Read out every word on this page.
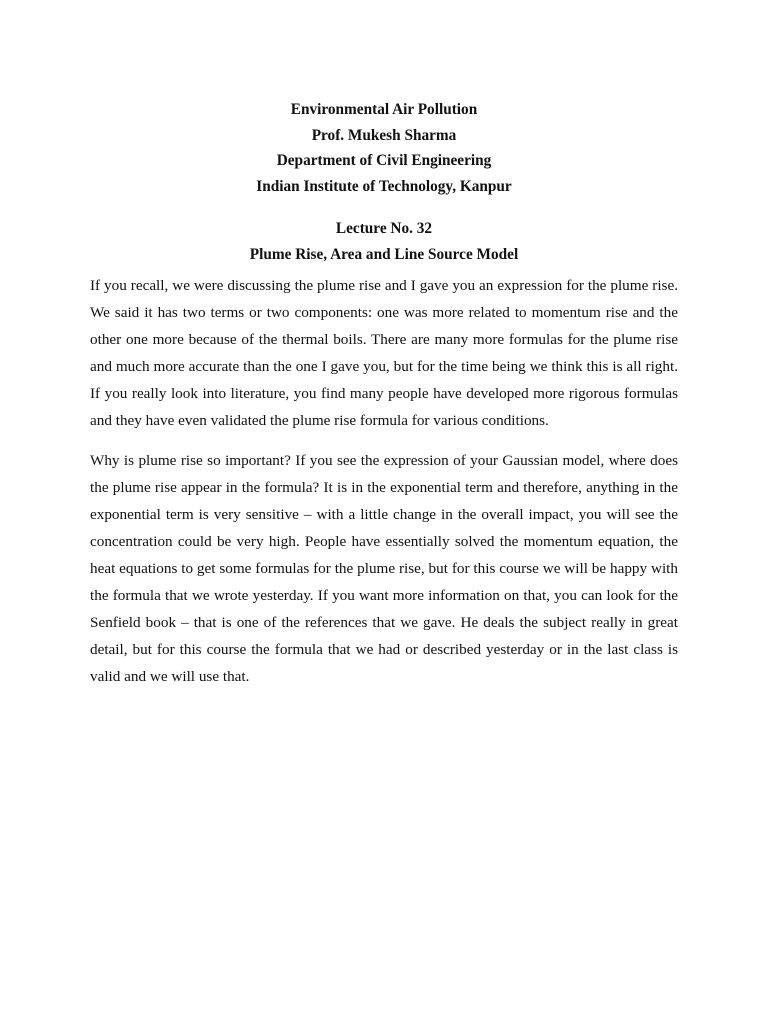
Environmental Air Pollution
Prof. Mukesh Sharma
Department of Civil Engineering
Indian Institute of Technology, Kanpur
Lecture No. 32
Plume Rise, Area and Line Source Model

If you recall, we were discussing the plume rise and I gave you an expression for the plume rise. We said it has two terms or two components: one was more related to momentum rise and the other one more because of the thermal boils. There are many more formulas for the plume rise and much more accurate than the one I gave you, but for the time being we think this is all right. If you really look into literature, you find many people have developed more rigorous formulas and they have even validated the plume rise formula for various conditions.

Why is plume rise so important? If you see the expression of your Gaussian model, where does the plume rise appear in the formula? It is in the exponential term and therefore, anything in the exponential term is very sensitive – with a little change in the overall impact, you will see the concentration could be very high. People have essentially solved the momentum equation, the heat equations to get some formulas for the plume rise, but for this course we will be happy with the formula that we wrote yesterday. If you want more information on that, you can look for the Senfield book – that is one of the references that we gave. He deals the subject really in great detail, but for this course the formula that we had or described yesterday or in the last class is valid and we will use that.
